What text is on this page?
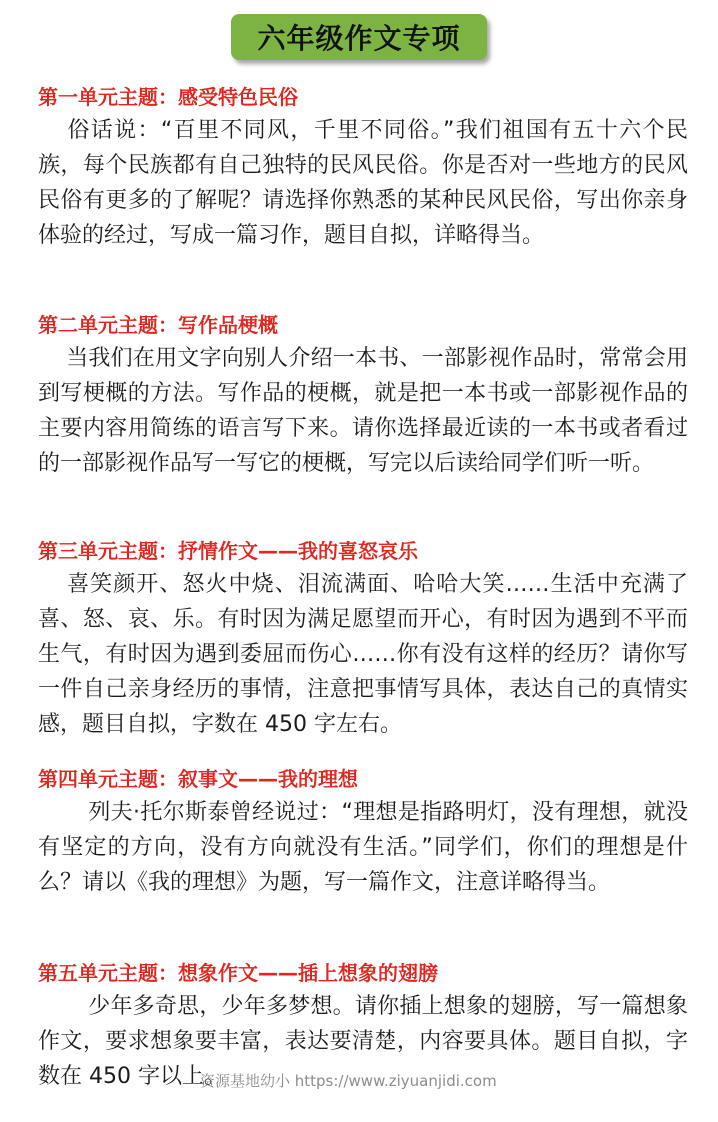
六年级作文专项
第一单元主题：感受特色民俗
俗话说：“百里不同风，千里不同俗。”我们祖国有五十六个民族，每个民族都有自己独特的民风民俗。你是否对一些地方的民风民俗有更多的了解呢？请选择你熟悉的某种民风民俗，写出你亲身体验的经过，写成一篇习作，题目自拟，详略得当。
第二单元主题：写作品梗概
当我们在用文字向别人介绍一本书、一部影视作品时，常常会用到写梗概的方法。写作品的梗概，就是把一本书或一部影视作品的主要内容用简练的语言写下来。请你选择最近读的一本书或者看过的一部影视作品写一写它的梗概，写完以后读给同学们听一听。
第三单元主题：抒情作文——我的喜怒哀乐
喜笑颜开、怒火中烧、泪流满面、哈哈大笑……生活中充满了喜、怒、哀、乐。有时因为满足愿望而开心，有时因为遇到不平而生气，有时因为遇到委屈而伤心……你有没有这样的经历？请你写一件自己亲身经历的事情，注意把事情写具体，表达自己的真情实感，题目自拟，字数在 450 字左右。
第四单元主题：叙事文——我的理想
列夫·托尔斯泰曾经说过：“理想是指路明灯，没有理想，就没有坚定的方向，没有方向就没有生活。”同学们，你们的理想是什么？请以《我的理想》为题，写一篇作文，注意详略得当。
第五单元主题：想象作文——插上想象的翅膀
少年多奇思，少年多梦想。请你插上想象的翅膀，写一篇想象作文，要求想象要丰富，表达要清楚，内容要具体。题目自拟，字数在 450 字以上。
资源基地幼小 https://www.ziyuanjidi.com
